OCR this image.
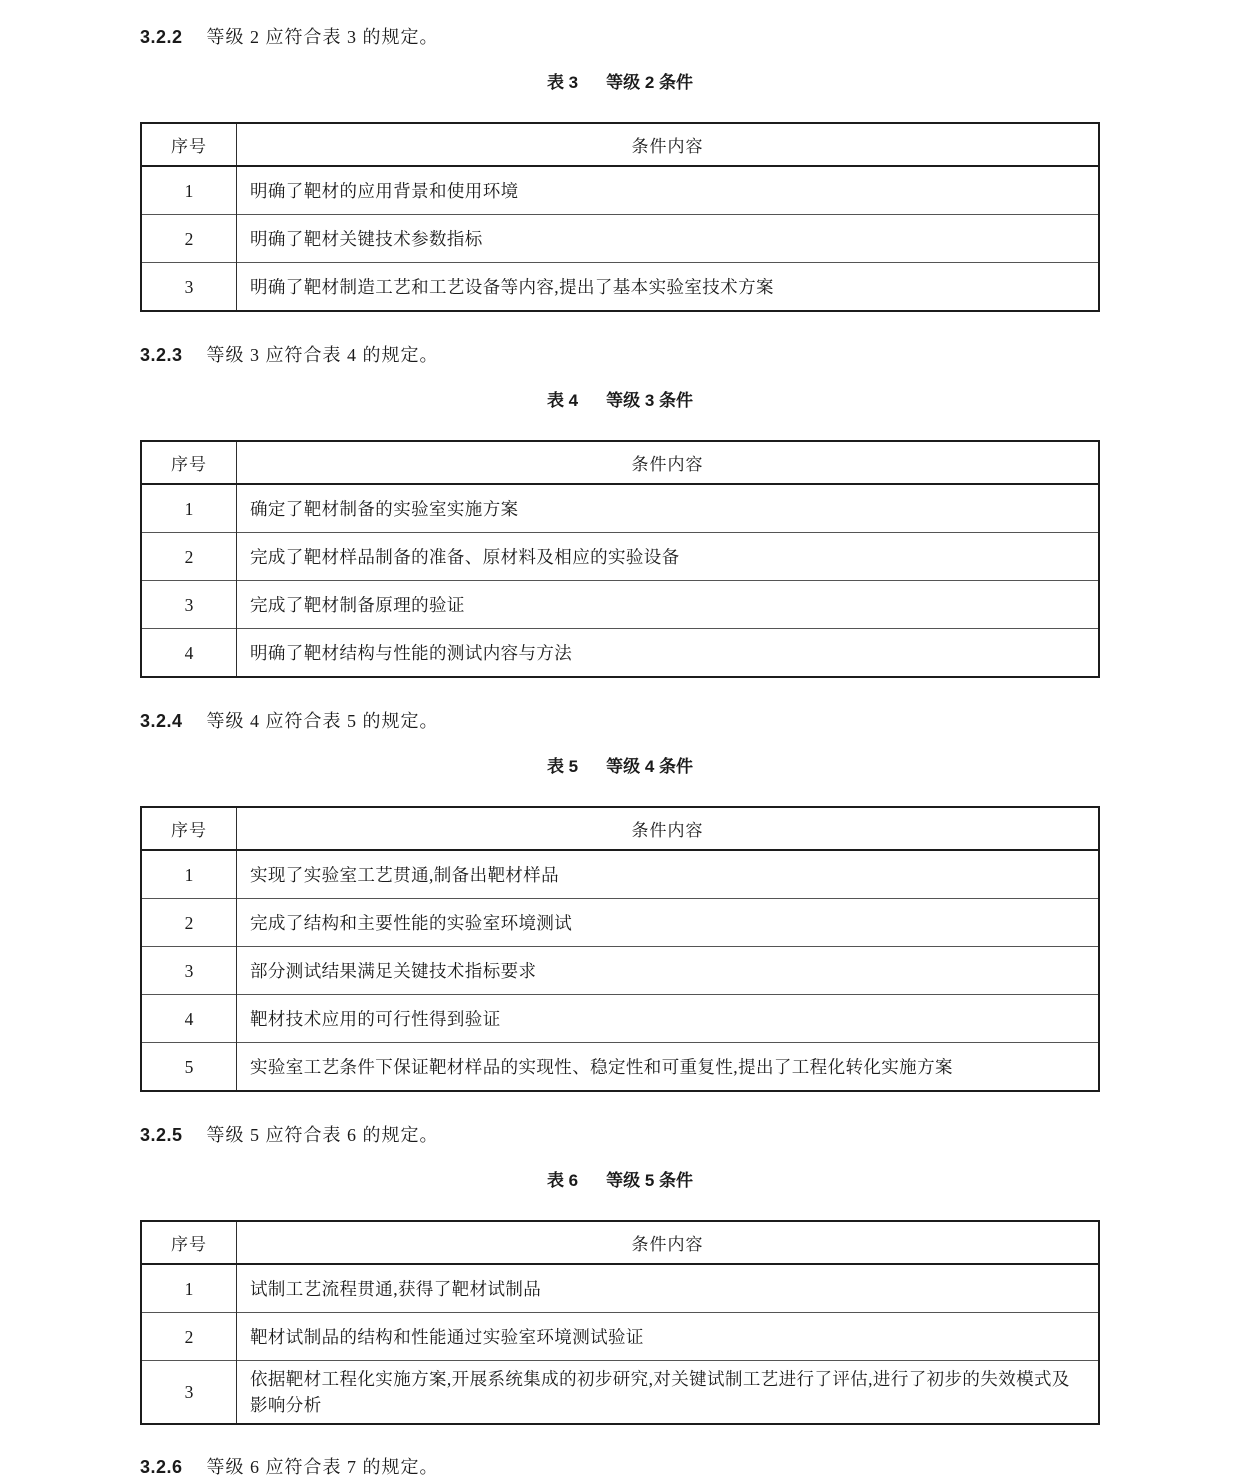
3.2.2 等级 2 应符合表 3 的规定。

表 3 等级 2 条件

序号	条件内容
1	明确了靶材的应用背景和使用环境
2	明确了靶材关键技术参数指标
3	明确了靶材制造工艺和工艺设备等内容,提出了基本实验室技术方案

3.2.3 等级 3 应符合表 4 的规定。

表 4 等级 3 条件

序号	条件内容
1	确定了靶材制备的实验室实施方案
2	完成了靶材样品制备的准备、原材料及相应的实验设备
3	完成了靶材制备原理的验证
4	明确了靶材结构与性能的测试内容与方法

3.2.4 等级 4 应符合表 5 的规定。

表 5 等级 4 条件

序号	条件内容
1	实现了实验室工艺贯通,制备出靶材样品
2	完成了结构和主要性能的实验室环境测试
3	部分测试结果满足关键技术指标要求
4	靶材技术应用的可行性得到验证
5	实验室工艺条件下保证靶材样品的实现性、稳定性和可重复性,提出了工程化转化实施方案

3.2.5 等级 5 应符合表 6 的规定。

表 6 等级 5 条件

序号	条件内容
1	试制工艺流程贯通,获得了靶材试制品
2	靶材试制品的结构和性能通过实验室环境测试验证
3	依据靶材工程化实施方案,开展系统集成的初步研究,对关键试制工艺进行了评估,进行了初步的失效模式及影响分析

3.2.6 等级 6 应符合表 7 的规定。
